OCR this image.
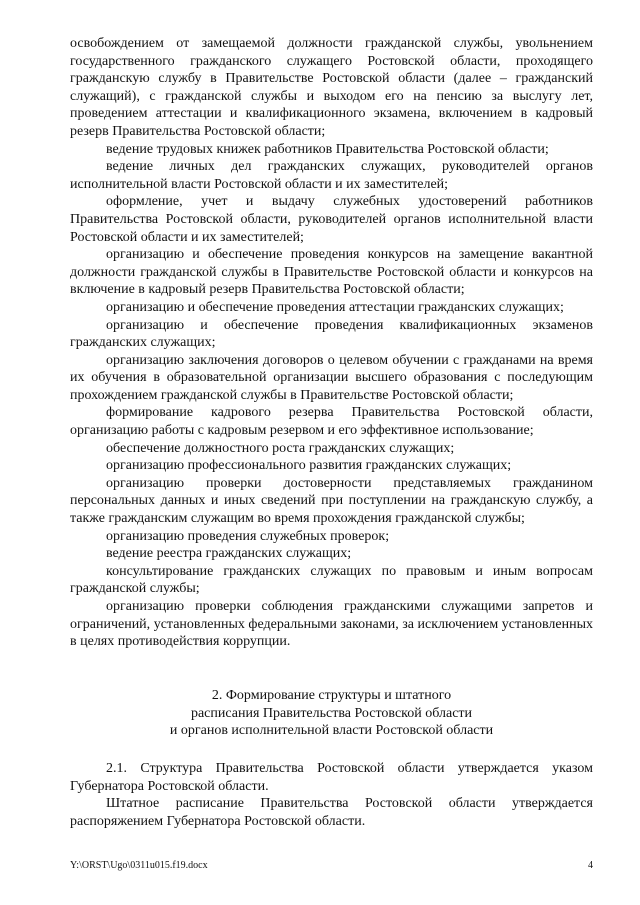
освобождением от замещаемой должности гражданской службы, увольнением государственного гражданского служащего Ростовской области, проходящего гражданскую службу в Правительстве Ростовской области (далее – гражданский служащий), с гражданской службы и выходом его на пенсию за выслугу лет, проведением аттестации и квалификационного экзамена, включением в кадровый резерв Правительства Ростовской области;

ведение трудовых книжек работников Правительства Ростовской области;

ведение личных дел гражданских служащих, руководителей органов исполнительной власти Ростовской области и их заместителей;

оформление, учет и выдачу служебных удостоверений работников Правительства Ростовской области, руководителей органов исполнительной власти Ростовской области и их заместителей;

организацию и обеспечение проведения конкурсов на замещение вакантной должности гражданской службы в Правительстве Ростовской области и конкурсов на включение в кадровый резерв Правительства Ростовской области;

организацию и обеспечение проведения аттестации гражданских служащих;

организацию и обеспечение проведения квалификационных экзаменов гражданских служащих;

организацию заключения договоров о целевом обучении с гражданами на время их обучения в образовательной организации высшего образования с последующим прохождением гражданской службы в Правительстве Ростовской области;

формирование кадрового резерва Правительства Ростовской области, организацию работы с кадровым резервом и его эффективное использование;

обеспечение должностного роста гражданских служащих;

организацию профессионального развития гражданских служащих;

организацию проверки достоверности представляемых гражданином персональных данных и иных сведений при поступлении на гражданскую службу, а также гражданским служащим во время прохождения гражданской службы;

организацию проведения служебных проверок;

ведение реестра гражданских служащих;

консультирование гражданских служащих по правовым и иным вопросам гражданской службы;

организацию проверки соблюдения гражданскими служащими запретов и ограничений, установленных федеральными законами, за исключением установленных в целях противодействия коррупции.

2. Формирование структуры и штатного
расписания Правительства Ростовской области
и органов исполнительной власти Ростовской области

2.1. Структура Правительства Ростовской области утверждается указом Губернатора Ростовской области.

Штатное расписание Правительства Ростовской области утверждается распоряжением Губернатора Ростовской области.

Y:\ORST\Ugo\0311u015.f19.docx	4
